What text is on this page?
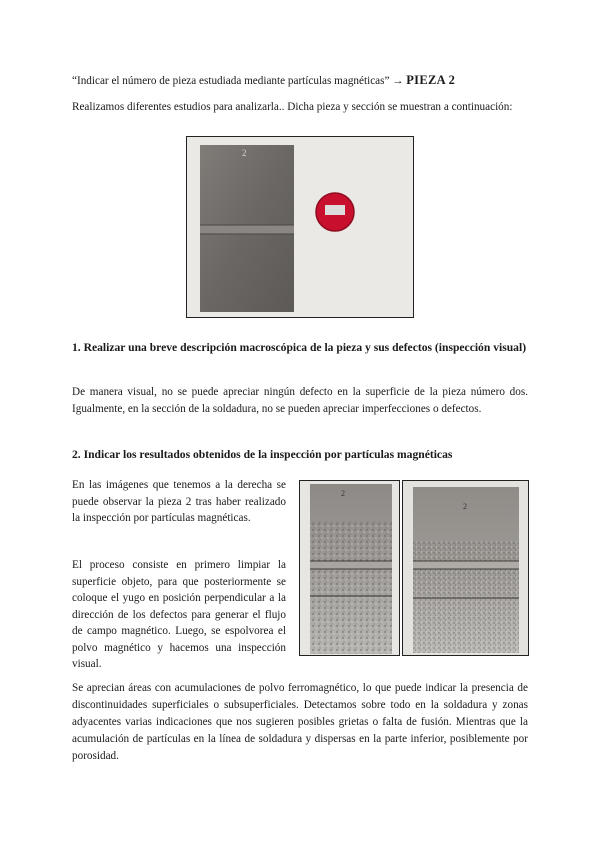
“Indicar el número de pieza estudiada mediante partículas magnéticas” → PIEZA 2

Realizamos diferentes estudios para analizarla.. Dicha pieza y sección se muestran a continuación:

2
1. Realizar una breve descripción macroscópica de la pieza y sus defectos (inspección visual)

De manera visual, no se puede apreciar ningún defecto en la superficie de la pieza número dos. Igualmente, en la sección de la soldadura, no se pueden apreciar imperfecciones o defectos.

2. Indicar los resultados obtenidos de la inspección por partículas magnéticas

En las imágenes que tenemos a la derecha se puede observar la pieza 2 tras haber realizado la inspección por partículas magnéticas.

El proceso consiste en primero limpiar la superficie objeto, para que posteriormente se coloque el yugo en posición perpendicular a la dirección de los defectos para generar el flujo de campo magnético. Luego, se espolvorea el polvo magnético y hacemos una inspección visual.

2
2

Se aprecian áreas con acumulaciones de polvo ferromagnético, lo que puede indicar la presencia de discontinuidades superficiales o subsuperficiales. Detectamos sobre todo en la soldadura y zonas adyacentes varias indicaciones que nos sugieren posibles grietas o falta de fusión. Mientras que la acumulación de partículas en la línea de soldadura y dispersas en la parte inferior, posiblemente por porosidad.
